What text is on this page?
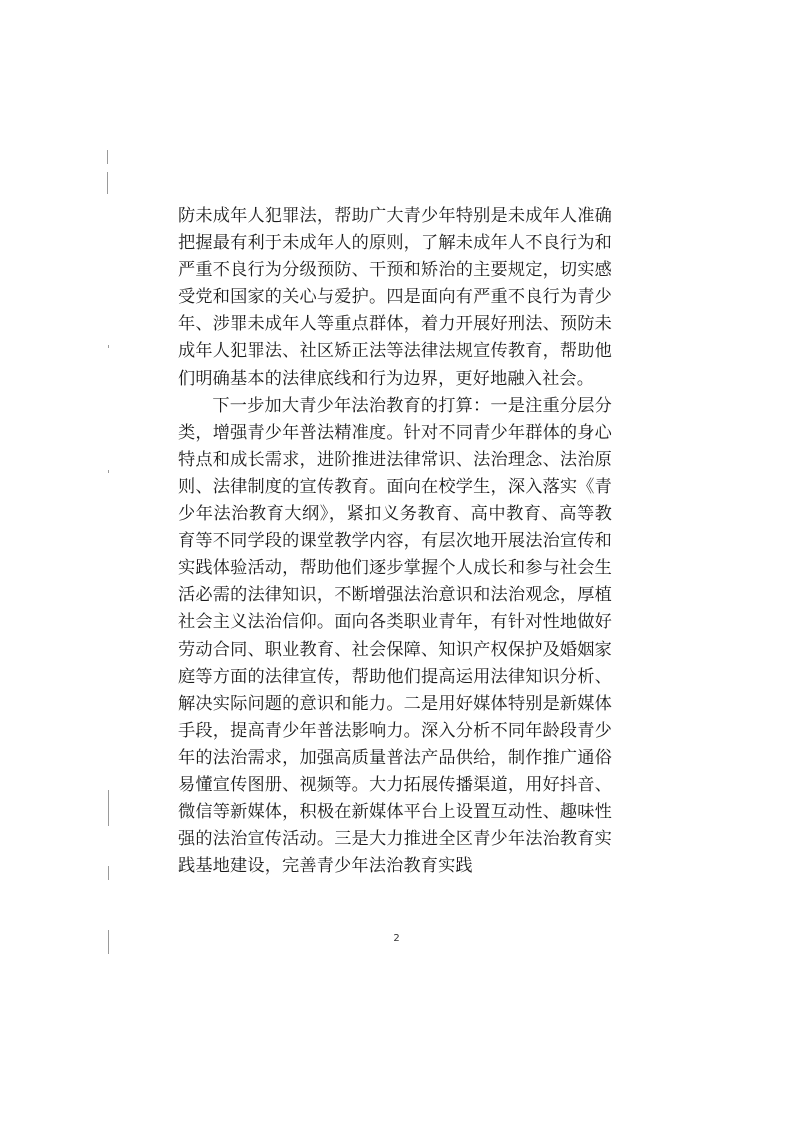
防未成年人犯罪法，帮助广大青少年特别是未成年人准确把握最有利于未成年人的原则，了解未成年人不良行为和严重不良行为分级预防、干预和矫治的主要规定，切实感受党和国家的关心与爱护。四是面向有严重不良行为青少年、涉罪未成年人等重点群体，着力开展好刑法、预防未成年人犯罪法、社区矫正法等法律法规宣传教育，帮助他们明确基本的法律底线和行为边界，更好地融入社会。

下一步加大青少年法治教育的打算：一是注重分层分类，增强青少年普法精准度。针对不同青少年群体的身心特点和成长需求，进阶推进法律常识、法治理念、法治原则、法律制度的宣传教育。面向在校学生，深入落实《青少年法治教育大纲》，紧扣义务教育、高中教育、高等教育等不同学段的课堂教学内容，有层次地开展法治宣传和实践体验活动，帮助他们逐步掌握个人成长和参与社会生活必需的法律知识，不断增强法治意识和法治观念，厚植社会主义法治信仰。面向各类职业青年，有针对性地做好劳动合同、职业教育、社会保障、知识产权保护及婚姻家庭等方面的法律宣传，帮助他们提高运用法律知识分析、解决实际问题的意识和能力。二是用好媒体特别是新媒体手段，提高青少年普法影响力。深入分析不同年龄段青少年的法治需求，加强高质量普法产品供给，制作推广通俗易懂宣传图册、视频等。大力拓展传播渠道，用好抖音、微信等新媒体，积极在新媒体平台上设置互动性、趣味性强的法治宣传活动。三是大力推进全区青少年法治教育实践基地建设，完善青少年法治教育实践

2
